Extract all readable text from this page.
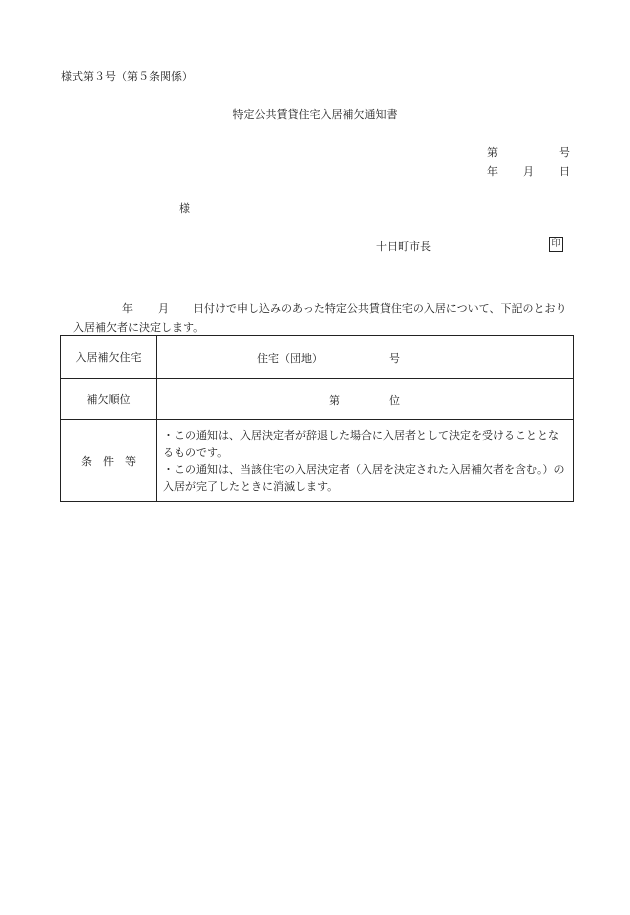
様式第３号（第５条関係）
特定公共賃貸住宅入居補欠通知書
第	号
年 月 日
様
十日町市長	印
年 月 日付けで申し込みのあった特定公共賃貸住宅の入居について、下記のとおり入居補欠者に決定します。
入居補欠住宅	住宅（団地） 号

補欠順位	第 位

条　件　等	・この通知は、入居決定者が辞退した場合に入居者として決定を受けることとなるものです。
・この通知は、当該住宅の入居決定者（入居を決定された入居補欠者を含む。）の入居が完了したときに消滅します。
